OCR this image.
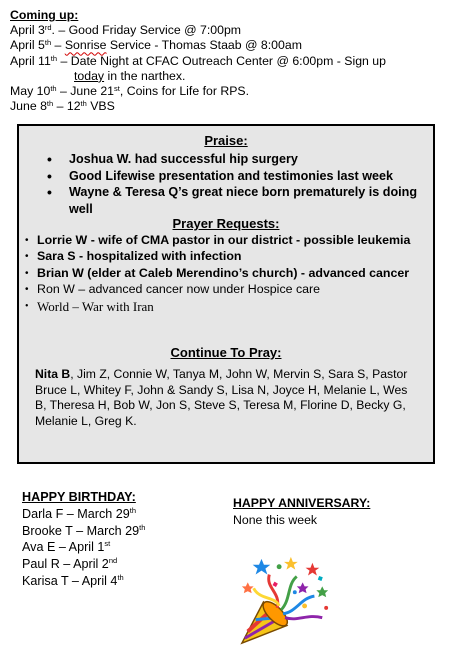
Coming up:
April 3rd. – Good Friday Service @ 7:00pm
April 5th – Sonrise Service - Thomas Staab @ 8:00am
April 11th – Date Night at CFAC Outreach Center @ 6:00pm - Sign up
today in the narthex.
May 10th – June 21st, Coins for Life for RPS.
June 8th – 12th VBS
Praise:
• Joshua W. had successful hip surgery
• Good Lifewise presentation and testimonies last week
• Wayne & Teresa Q’s great niece born prematurely is doing well
Prayer Requests:
• Lorrie W - wife of CMA pastor in our district - possible leukemia
• Sara S - hospitalized with infection
• Brian W (elder at Caleb Merendino’s church) - advanced cancer
• Ron W – advanced cancer now under Hospice care
• World – War with Iran
Continue To Pray:
Nita B, Jim Z, Connie W, Tanya M, John W, Mervin S, Sara S, Pastor Bruce L, Whitey F, John & Sandy S, Lisa N, Joyce H, Melanie L, Wes B, Theresa H, Bob W, Jon S, Steve S, Teresa M, Florine D, Becky G, Melanie L, Greg K.
HAPPY BIRTHDAY:
Darla F – March 29th
Brooke T – March 29th
Ava E – April 1st
Paul R – April 2nd
Karisa T – April 4th
HAPPY ANNIVERSARY:
None this week
